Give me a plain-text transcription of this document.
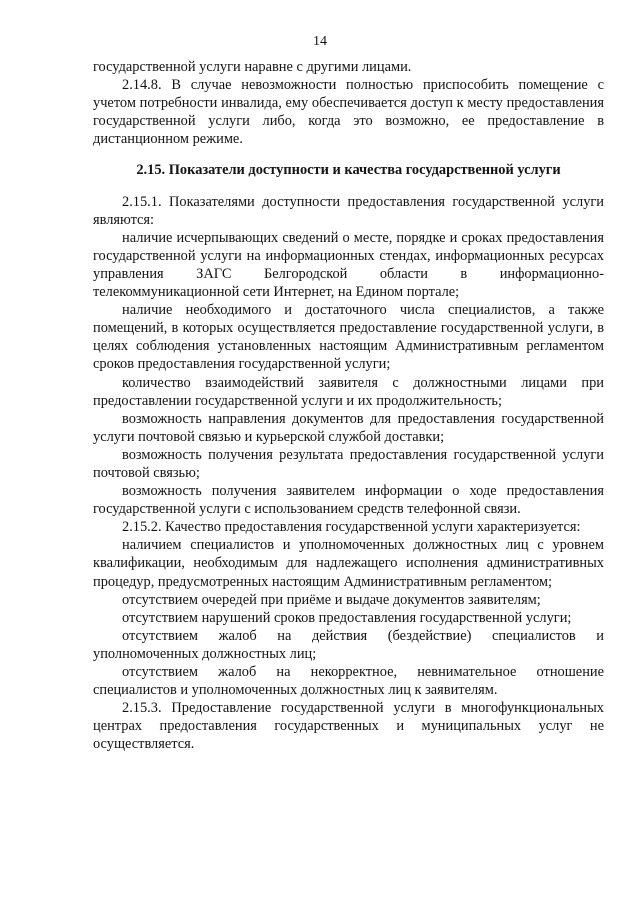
14
государственной услуги наравне с другими лицами.
2.14.8. В случае невозможности полностью приспособить помещение с учетом потребности инвалида, ему обеспечивается доступ к месту предоставления государственной услуги либо, когда это возможно, ее предоставление в дистанционном режиме.
2.15. Показатели доступности и качества государственной услуги
2.15.1. Показателями доступности предоставления государственной услуги являются:
наличие исчерпывающих сведений о месте, порядке и сроках предоставления государственной услуги на информационных стендах, информационных ресурсах управления ЗАГС Белгородской области в информационно-телекоммуникационной сети Интернет, на Едином портале;
наличие необходимого и достаточного числа специалистов, а также помещений, в которых осуществляется предоставление государственной услуги, в целях соблюдения установленных настоящим Административным регламентом сроков предоставления государственной услуги;
количество взаимодействий заявителя с должностными лицами при предоставлении государственной услуги и их продолжительность;
возможность направления документов для предоставления государственной услуги почтовой связью и курьерской службой доставки;
возможность получения результата предоставления государственной услуги почтовой связью;
возможность получения заявителем информации о ходе предоставления государственной услуги с использованием средств телефонной связи.
2.15.2. Качество предоставления государственной услуги характеризуется:
наличием специалистов и уполномоченных должностных лиц с уровнем квалификации, необходимым для надлежащего исполнения административных процедур, предусмотренных настоящим Административным регламентом;
отсутствием очередей при приёме и выдаче документов заявителям;
отсутствием нарушений сроков предоставления государственной услуги;
отсутствием жалоб на действия (бездействие) специалистов и уполномоченных должностных лиц;
отсутствием жалоб на некорректное, невнимательное отношение специалистов и уполномоченных должностных лиц к заявителям.
2.15.3. Предоставление государственной услуги в многофункциональных центрах предоставления государственных и муниципальных услуг не осуществляется.
